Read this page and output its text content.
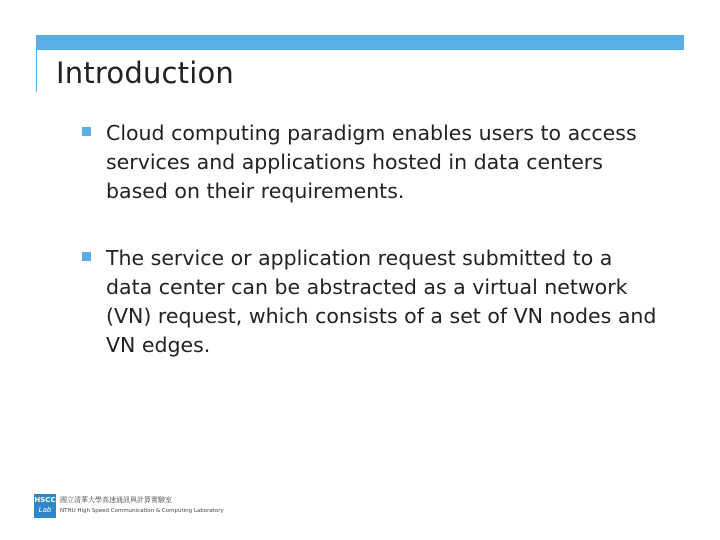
Introduction
Cloud computing paradigm enables users to access services and applications hosted in data centers based on their requirements.
The service or application request submitted to a data center can be abstracted as a virtual network (VN) request, which consists of a set of VN nodes and VN edges.
HSCC
Lab
國立清華大學高速通訊與計算實驗室
NTHU High Speed Communication & Computing Laboratory
